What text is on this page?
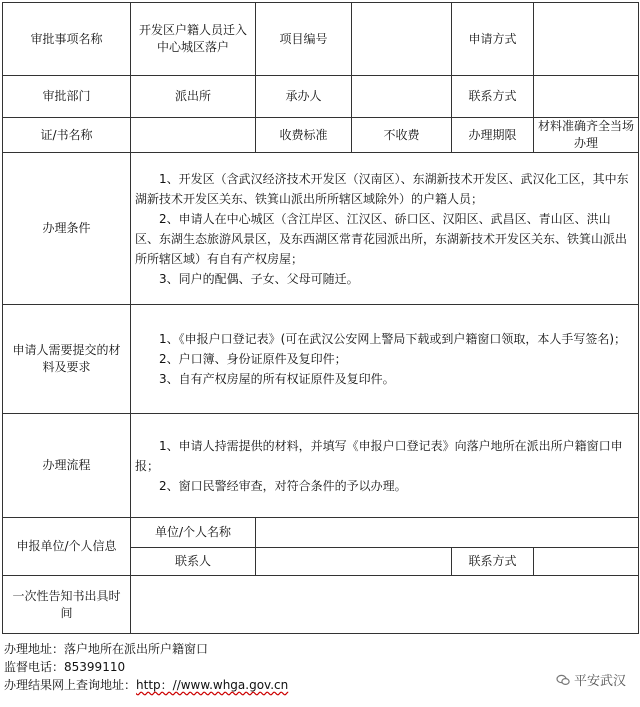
审批事项名称	开发区户籍人员迁入中心城区落户	项目编号		申请方式	
审批部门	派出所	承办人		联系方式	
证/书名称		收费标准	不收费	办理期限	材料准确齐全当场办理
办理条件	1、开发区（含武汉经济技术开发区（汉南区）、东湖新技术开发区、武汉化工区，其中东湖新技术开发区关东、铁箕山派出所所辖区域除外）的户籍人员；

2、申请人在中心城区（含江岸区、江汉区、硚口区、汉阳区、武昌区、青山区、洪山区、东湖生态旅游风景区，及东西湖区常青花园派出所，东湖新技术开发区关东、铁箕山派出所所辖区域）有自有产权房屋；

3、同户的配偶、子女、父母可随迁。				

申请人需要提交的材料及要求	1、《申报户口登记表》(可在武汉公安网上警局下载或到户籍窗口领取，本人手写签名)；

2、户口簿、身份证原件及复印件；

3、自有产权房屋的所有权证原件及复印件。				

办理流程	1、申请人持需提供的材料，并填写《申报户口登记表》向落户地所在派出所户籍窗口申报；

2、窗口民警经审查，对符合条件的予以办理。				

申报单位/个人信息	单位/个人名称				
	联系人			联系方式	
一次性告知书出具时间					
办理地址：落户地所在派出所户籍窗口
监督电话：85399110
办理结果网上查询地址：http：//www.whga.gov.cn	平安武汉
